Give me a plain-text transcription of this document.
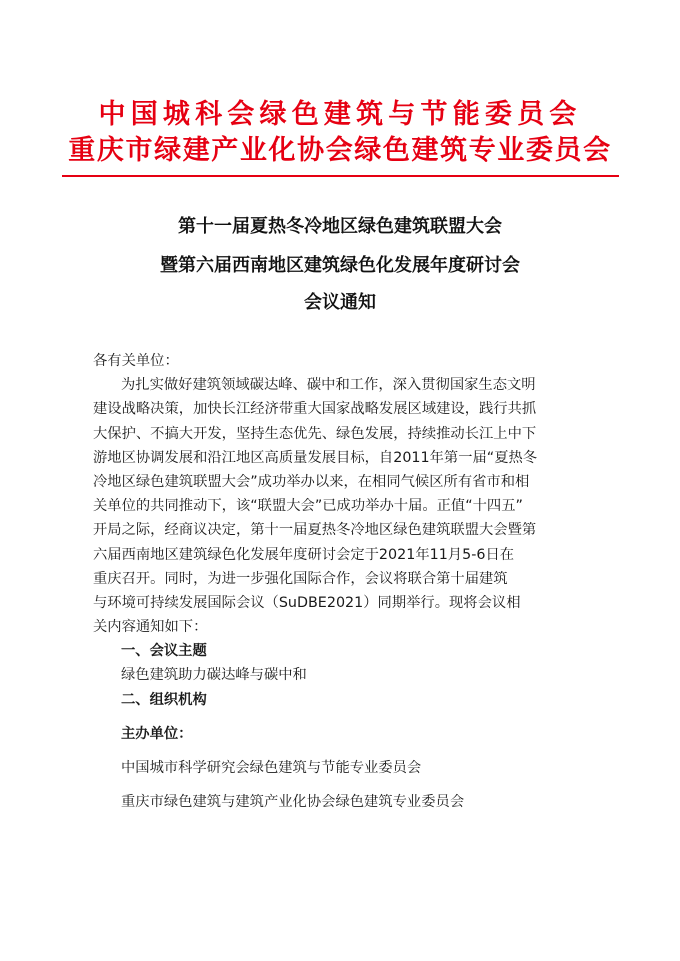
中国城科会绿色建筑与节能委员会
重庆市绿建产业化协会绿色建筑专业委员会
第十一届夏热冬冷地区绿色建筑联盟大会
暨第六届西南地区建筑绿色化发展年度研讨会
会议通知
各有关单位：
为扎实做好建筑领域碳达峰、碳中和工作，深入贯彻国家生态文明
建设战略决策，加快长江经济带重大国家战略发展区域建设，践行共抓
大保护、不搞大开发，坚持生态优先、绿色发展，持续推动长江上中下
游地区协调发展和沿江地区高质量发展目标，自2011年第一届“夏热冬
冷地区绿色建筑联盟大会”成功举办以来，在相同气候区所有省市和相
关单位的共同推动下，该“联盟大会”已成功举办十届。正值“十四五”
开局之际，经商议决定，第十一届夏热冬冷地区绿色建筑联盟大会暨第
六届西南地区建筑绿色化发展年度研讨会定于2021年11月5-6日在
重庆召开。同时，为进一步强化国际合作，会议将联合第十届建筑
与环境可持续发展国际会议（SuDBE2021）同期举行。现将会议相
关内容通知如下：
一、会议主题
绿色建筑助力碳达峰与碳中和
二、组织机构
主办单位：
中国城市科学研究会绿色建筑与节能专业委员会
重庆市绿色建筑与建筑产业化协会绿色建筑专业委员会
